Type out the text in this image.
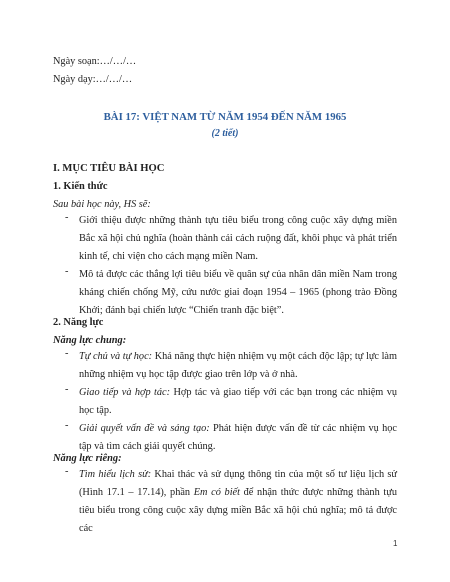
Ngày soạn:…/…/…
Ngày dạy:…/…/…
BÀI 17: VIỆT NAM TỪ NĂM 1954 ĐẾN NĂM 1965
(2 tiết)
I. MỤC TIÊU BÀI HỌC
1. Kiến thức
Sau bài học này, HS sẽ:
- Giới thiệu được những thành tựu tiêu biểu trong công cuộc xây dựng miền Bắc xã hội chủ nghĩa (hoàn thành cải cách ruộng đất, khôi phục và phát triển kinh tế, chi viện cho cách mạng miền Nam.
- Mô tả được các thắng lợi tiêu biểu về quân sự của nhân dân miền Nam trong kháng chiến chống Mỹ, cứu nước giai đoạn 1954 – 1965 (phong trào Đồng Khởi; đánh bại chiến lược “Chiến tranh đặc biệt”.
2. Năng lực
Năng lực chung:
- Tự chủ và tự học: Khả năng thực hiện nhiệm vụ một cách độc lập; tự lực làm những nhiệm vụ học tập được giao trên lớp và ở nhà.
- Giao tiếp và hợp tác: Hợp tác và giao tiếp với các bạn trong các nhiệm vụ học tập.
- Giải quyết vấn đề và sáng tạo: Phát hiện được vấn đề từ các nhiệm vụ học tập và tìm cách giải quyết chúng.
Năng lực riêng:
- Tìm hiểu lịch sử: Khai thác và sử dụng thông tin của một số tư liệu lịch sử (Hình 17.1 – 17.14), phần Em có biết để nhận thức được những thành tựu tiêu biểu trong công cuộc xây dựng miền Bắc xã hội chủ nghĩa; mô tả được các
1
